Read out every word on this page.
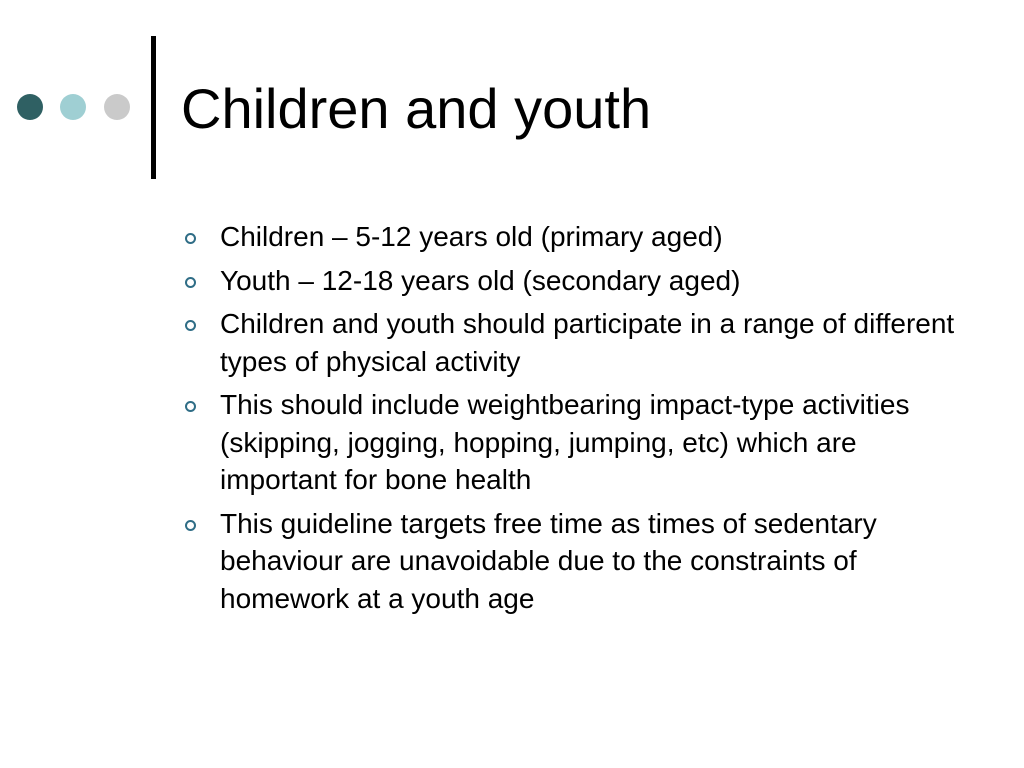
Children and youth
Children – 5-12 years old (primary aged)
Youth – 12-18 years old (secondary aged)
Children and youth should participate in a range of different types of physical activity
This should include weightbearing impact-type activities (skipping, jogging, hopping, jumping, etc) which are important for bone health
This guideline targets free time as times of sedentary behaviour are unavoidable due to the constraints of homework at a youth age
